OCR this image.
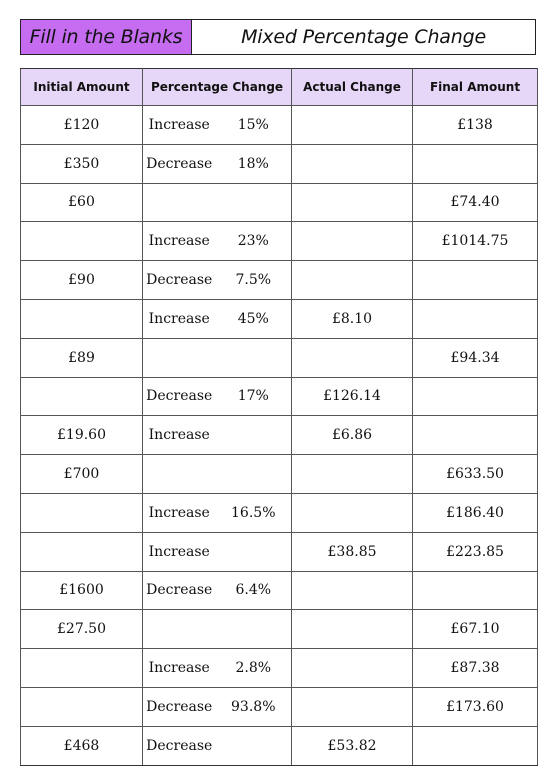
Fill in the Blanks	Mixed Percentage Change
Initial Amount	Percentage Change		Actual Change	Final Amount
£120	Increase	15%		£138
£350	Decrease	18%		
£60				£74.40
	Increase	23%		£1014.75
£90	Decrease	7.5%		
	Increase	45%	£8.10	
£89				£94.34
	Decrease	17%	£126.14	
£19.60	Increase		£6.86	
£700				£633.50
	Increase	16.5%		£186.40
	Increase		£38.85	£223.85
£1600	Decrease	6.4%		
£27.50				£67.10
	Increase	2.8%		£87.38
	Decrease	93.8%		£173.60
£468	Decrease		£53.82	
